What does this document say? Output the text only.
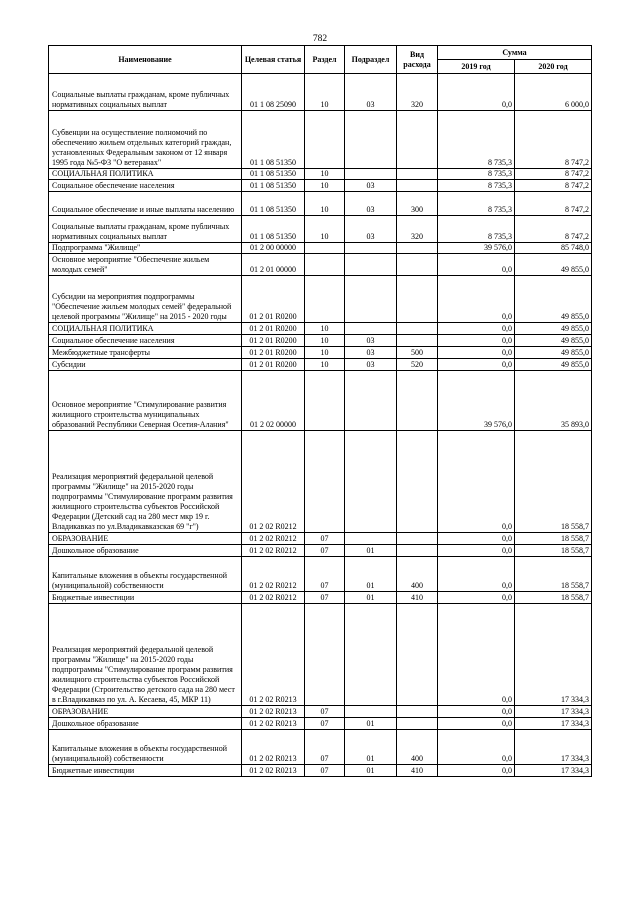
782
Наименование	Целевая статья	Раздел	Подраздел	Вид расхода	Сумма	
					2019 год	2020 год
Социальные выплаты гражданам, кроме публичных нормативных социальных выплат	01 1 08 25090	10	03	320	0,0	6 000,0
Субвенции на осуществление полномочий по обеспечению жильем отдельных категорий граждан, установленных Федеральным законом от 12 января 1995 года №5-ФЗ "О ветеранах"	01 1 08 51350				8 735,3	8 747,2
СОЦИАЛЬНАЯ ПОЛИТИКА	01 1 08 51350	10			8 735,3	8 747,2
Социальное обеспечение населения	01 1 08 51350	10	03		8 735,3	8 747,2
Социальное обеспечение и иные выплаты населению	01 1 08 51350	10	03	300	8 735,3	8 747,2
Социальные выплаты гражданам, кроме публичных нормативных социальных выплат	01 1 08 51350	10	03	320	8 735,3	8 747,2
Подпрограмма "Жилище"	01 2 00 00000				39 576,0	85 748,0
Основное мероприятие "Обеспечение жильем молодых семей"	01 2 01 00000				0,0	49 855,0
Субсидии на мероприятия подпрограммы "Обеспечение жильем молодых семей" федеральной целевой программы "Жилище" на 2015 - 2020 годы	01 2 01 R0200				0,0	49 855,0
СОЦИАЛЬНАЯ ПОЛИТИКА	01 2 01 R0200	10			0,0	49 855,0
Социальное обеспечение населения	01 2 01 R0200	10	03		0,0	49 855,0
Межбюджетные трансферты	01 2 01 R0200	10	03	500	0,0	49 855,0
Субсидии	01 2 01 R0200	10	03	520	0,0	49 855,0
Основное мероприятие "Стимулирование развития жилищного строительства муниципальных образований Республики Северная Осетия-Алания"	01 2 02 00000				39 576,0	35 893,0
Реализация мероприятий федеральной целевой программы "Жилище" на 2015-2020 годы подпрограммы "Стимулирование программ развития жилищного строительства субъектов Российской Федерации (Детский сад на 280 мест мкр 19 г. Владикавказ по ул.Владикавказская 69 "г")	01 2 02 R0212				0,0	18 558,7
ОБРАЗОВАНИЕ	01 2 02 R0212	07			0,0	18 558,7
Дошкольное образование	01 2 02 R0212	07	01		0,0	18 558,7
Капитальные вложения в объекты государственной (муниципальной) собственности	01 2 02 R0212	07	01	400	0,0	18 558,7
Бюджетные инвестиции	01 2 02 R0212	07	01	410	0,0	18 558,7
Реализация мероприятий федеральной целевой программы "Жилище" на 2015-2020 годы подпрограммы "Стимулирование программ развития жилищного строительства субъектов Российской Федерации (Строительство детского сада на 280 мест в г.Владикавказ по ул. А. Кесаева, 45, МКР 11)	01 2 02 R0213				0,0	17 334,3
ОБРАЗОВАНИЕ	01 2 02 R0213	07			0,0	17 334,3
Дошкольное образование	01 2 02 R0213	07	01		0,0	17 334,3
Капитальные вложения в объекты государственной (муниципальной) собственности	01 2 02 R0213	07	01	400	0,0	17 334,3
Бюджетные инвестиции	01 2 02 R0213	07	01	410	0,0	17 334,3
